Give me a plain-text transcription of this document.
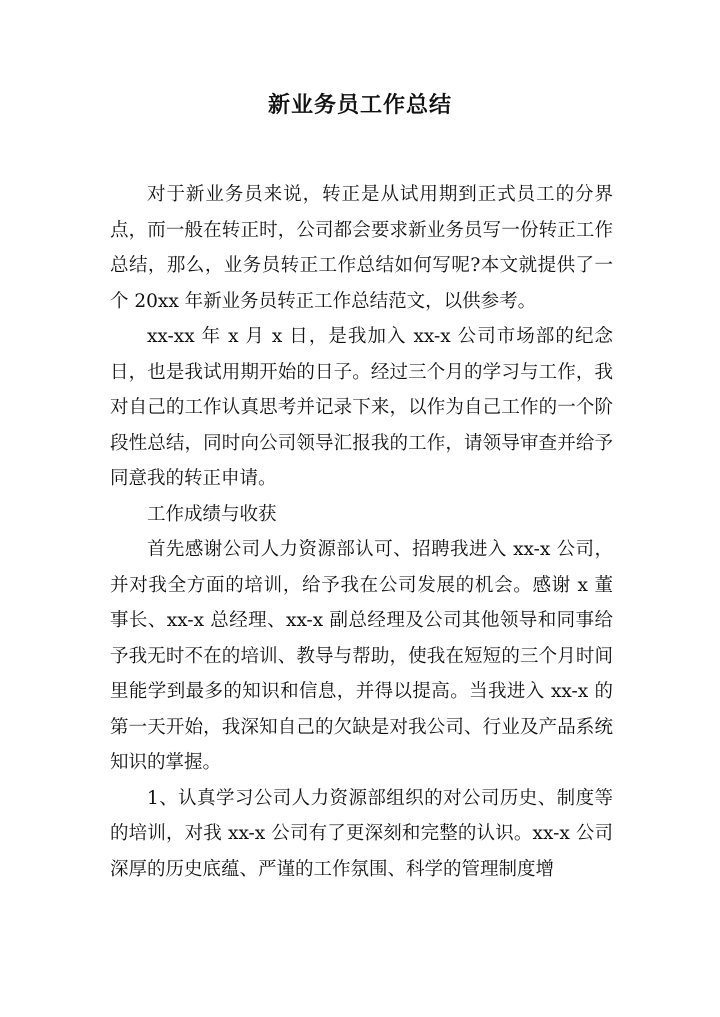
新业务员工作总结

对于新业务员来说，转正是从试用期到正式员工的分界点，而一般在转正时，公司都会要求新业务员写一份转正工作总结，那么，业务员转正工作总结如何写呢?本文就提供了一个 20xx 年新业务员转正工作总结范文，以供参考。

xx-xx 年 x 月 x 日，是我加入 xx-x 公司市场部的纪念日，也是我试用期开始的日子。经过三个月的学习与工作，我对自己的工作认真思考并记录下来，以作为自己工作的一个阶段性总结，同时向公司领导汇报我的工作，请领导审查并给予同意我的转正申请。

工作成绩与收获

首先感谢公司人力资源部认可、招聘我进入 xx-x 公司，并对我全方面的培训，给予我在公司发展的机会。感谢 x 董事长、xx-x 总经理、xx-x 副总经理及公司其他领导和同事给予我无时不在的培训、教导与帮助，使我在短短的三个月时间里能学到最多的知识和信息，并得以提高。当我进入 xx-x 的第一天开始，我深知自己的欠缺是对我公司、行业及产品系统知识的掌握。

1、认真学习公司人力资源部组织的对公司历史、制度等的培训，对我 xx-x 公司有了更深刻和完整的认识。xx-x 公司深厚的历史底蕴、严谨的工作氛围、科学的管理制度增
